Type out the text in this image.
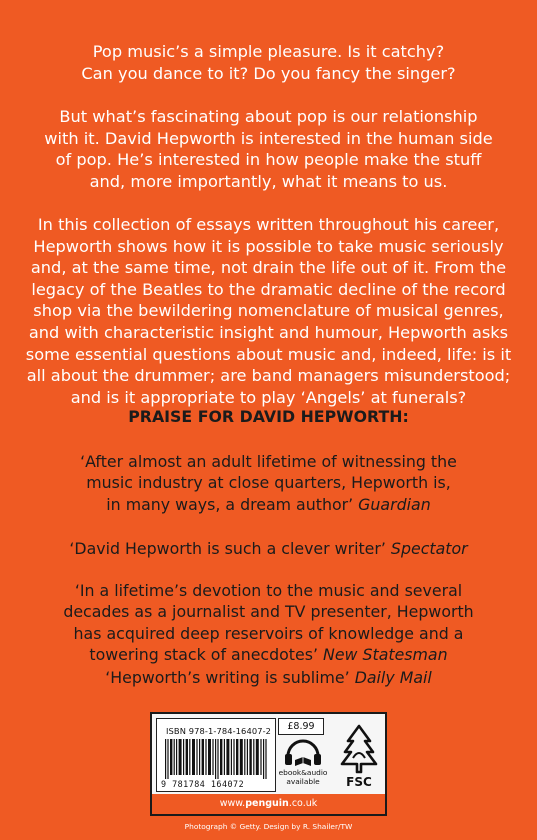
Pop music’s a simple pleasure. Is it catchy?
Can you dance to it? Do you fancy the singer?

But what’s fascinating about pop is our relationship
with it. David Hepworth is interested in the human side
of pop. He’s interested in how people make the stuff
and, more importantly, what it means to us.

In this collection of essays written throughout his career,
Hepworth shows how it is possible to take music seriously
and, at the same time, not drain the life out of it. From the
legacy of the Beatles to the dramatic decline of the record
shop via the bewildering nomenclature of musical genres,
and with characteristic insight and humour, Hepworth asks
some essential questions about music and, indeed, life: is it
all about the drummer; are band managers misunderstood;
and is it appropriate to play ‘Angels’ at funerals?

PRAISE FOR DAVID HEPWORTH:
‘After almost an adult lifetime of witnessing the
music industry at close quarters, Hepworth is,
in many ways, a dream author’ Guardian
‘David Hepworth is such a clever writer’ Spectator
‘In a lifetime’s devotion to the music and several
decades as a journalist and TV presenter, Hepworth
has acquired deep reservoirs of knowledge and a
towering stack of anecdotes’ New Statesman
‘Hepworth’s writing is sublime’ Daily Mail
ISBN 978-1-784-16407-2
9 781784 164072
£8.99
ebook&audio
available	FSC
www.penguin.co.uk
Photograph © Getty. Design by R. Shailer/TW
